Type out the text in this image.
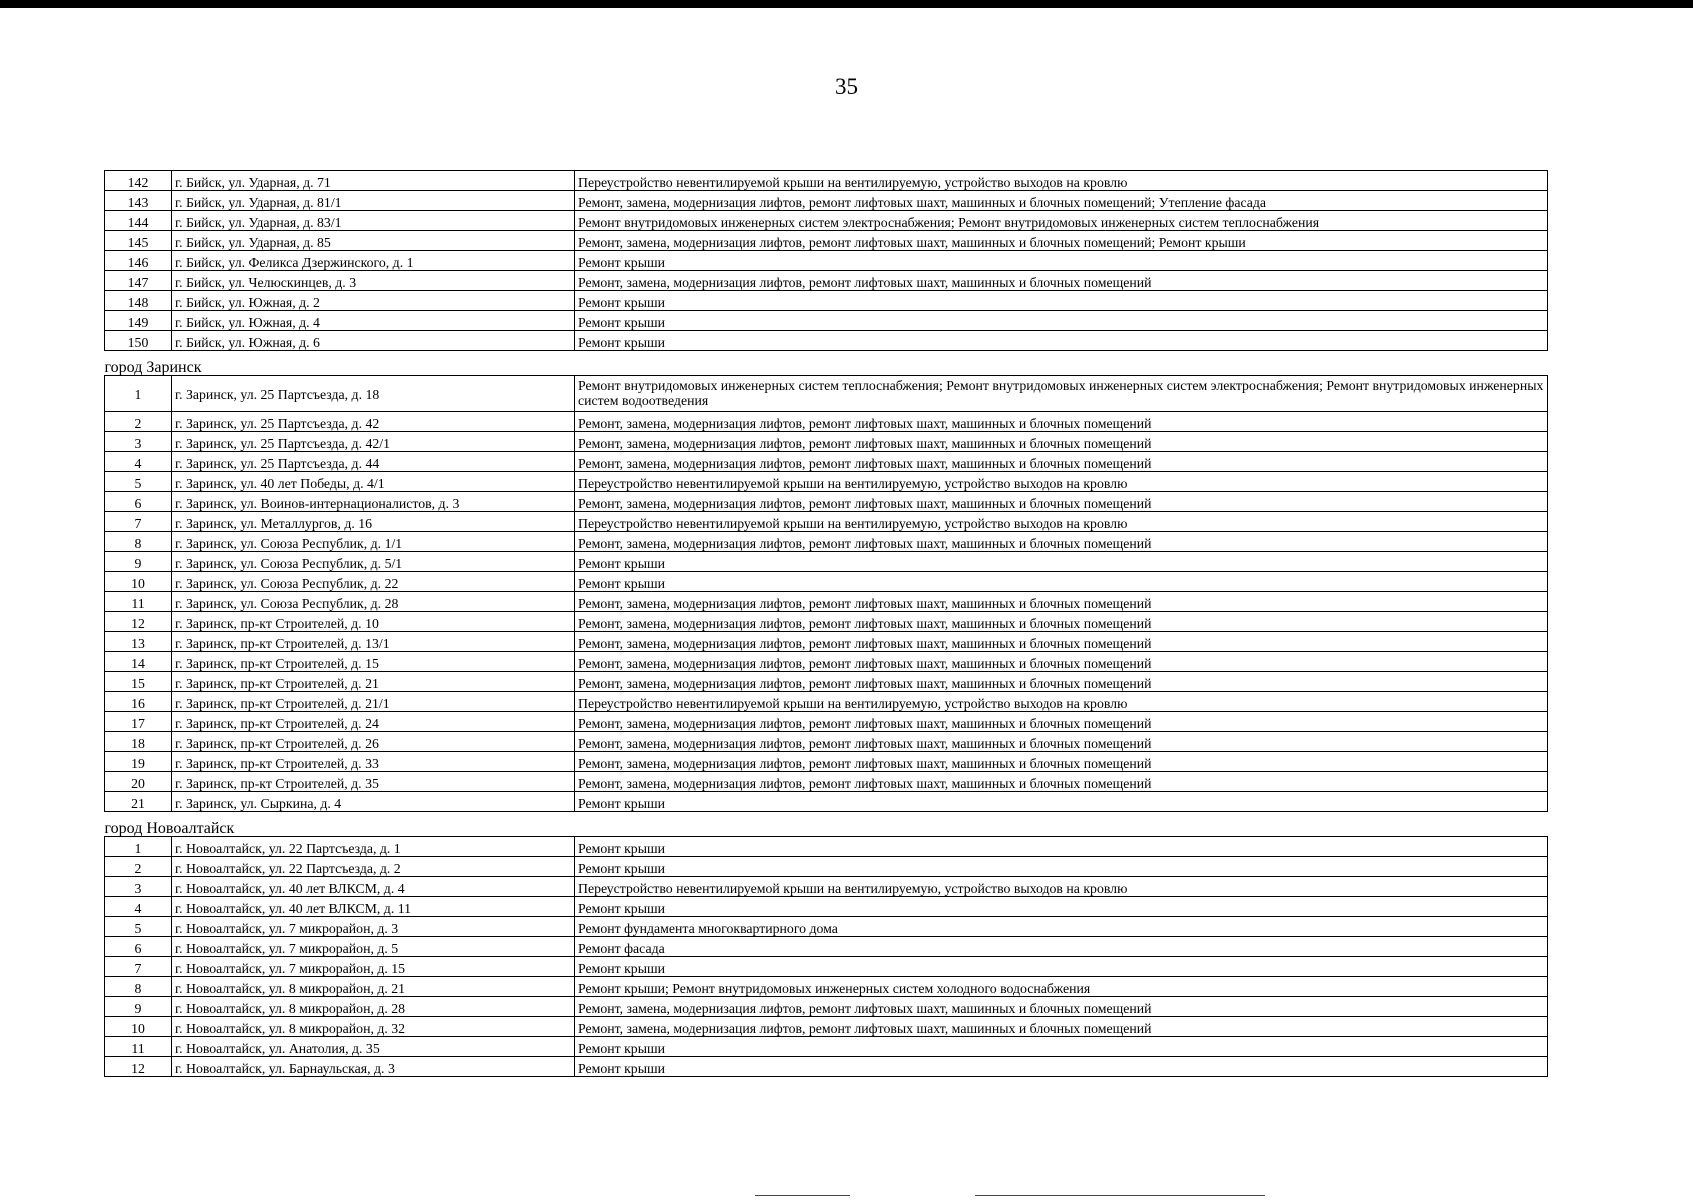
35
142	г. Бийск, ул. Ударная, д. 71	Переустройство невентилируемой крыши на вентилируемую, устройство выходов на кровлю
143	г. Бийск, ул. Ударная, д. 81/1	Ремонт, замена, модернизация лифтов, ремонт лифтовых шахт, машинных и блочных помещений; Утепление фасада
144	г. Бийск, ул. Ударная, д. 83/1	Ремонт внутридомовых инженерных систем электроснабжения; Ремонт внутридомовых инженерных систем теплоснабжения
145	г. Бийск, ул. Ударная, д. 85	Ремонт, замена, модернизация лифтов, ремонт лифтовых шахт, машинных и блочных помещений; Ремонт крыши
146	г. Бийск, ул. Феликса Дзержинского, д. 1	Ремонт крыши
147	г. Бийск, ул. Челюскинцев, д. 3	Ремонт, замена, модернизация лифтов, ремонт лифтовых шахт, машинных и блочных помещений
148	г. Бийск, ул. Южная, д. 2	Ремонт крыши
149	г. Бийск, ул. Южная, д. 4	Ремонт крыши
150	г. Бийск, ул. Южная, д. 6	Ремонт крыши
город Заринск		
1	г. Заринск, ул. 25 Партсъезда, д. 18	Ремонт внутридомовых инженерных систем теплоснабжения; Ремонт внутридомовых инженерных систем электроснабжения; Ремонт внутридомовых инженерных систем водоотведения
2	г. Заринск, ул. 25 Партсъезда, д. 42	Ремонт, замена, модернизация лифтов, ремонт лифтовых шахт, машинных и блочных помещений
3	г. Заринск, ул. 25 Партсъезда, д. 42/1	Ремонт, замена, модернизация лифтов, ремонт лифтовых шахт, машинных и блочных помещений
4	г. Заринск, ул. 25 Партсъезда, д. 44	Ремонт, замена, модернизация лифтов, ремонт лифтовых шахт, машинных и блочных помещений
5	г. Заринск, ул. 40 лет Победы, д. 4/1	Переустройство невентилируемой крыши на вентилируемую, устройство выходов на кровлю
6	г. Заринск, ул. Воинов-интернационалистов, д. 3	Ремонт, замена, модернизация лифтов, ремонт лифтовых шахт, машинных и блочных помещений
7	г. Заринск, ул. Металлургов, д. 16	Переустройство невентилируемой крыши на вентилируемую, устройство выходов на кровлю
8	г. Заринск, ул. Союза Республик, д. 1/1	Ремонт, замена, модернизация лифтов, ремонт лифтовых шахт, машинных и блочных помещений
9	г. Заринск, ул. Союза Республик, д. 5/1	Ремонт крыши
10	г. Заринск, ул. Союза Республик, д. 22	Ремонт крыши
11	г. Заринск, ул. Союза Республик, д. 28	Ремонт, замена, модернизация лифтов, ремонт лифтовых шахт, машинных и блочных помещений
12	г. Заринск, пр-кт Строителей, д. 10	Ремонт, замена, модернизация лифтов, ремонт лифтовых шахт, машинных и блочных помещений
13	г. Заринск, пр-кт Строителей, д. 13/1	Ремонт, замена, модернизация лифтов, ремонт лифтовых шахт, машинных и блочных помещений
14	г. Заринск, пр-кт Строителей, д. 15	Ремонт, замена, модернизация лифтов, ремонт лифтовых шахт, машинных и блочных помещений
15	г. Заринск, пр-кт Строителей, д. 21	Ремонт, замена, модернизация лифтов, ремонт лифтовых шахт, машинных и блочных помещений
16	г. Заринск, пр-кт Строителей, д. 21/1	Переустройство невентилируемой крыши на вентилируемую, устройство выходов на кровлю
17	г. Заринск, пр-кт Строителей, д. 24	Ремонт, замена, модернизация лифтов, ремонт лифтовых шахт, машинных и блочных помещений
18	г. Заринск, пр-кт Строителей, д. 26	Ремонт, замена, модернизация лифтов, ремонт лифтовых шахт, машинных и блочных помещений
19	г. Заринск, пр-кт Строителей, д. 33	Ремонт, замена, модернизация лифтов, ремонт лифтовых шахт, машинных и блочных помещений
20	г. Заринск, пр-кт Строителей, д. 35	Ремонт, замена, модернизация лифтов, ремонт лифтовых шахт, машинных и блочных помещений
21	г. Заринск, ул. Сыркина, д. 4	Ремонт крыши
город Новоалтайск		
1	г. Новоалтайск, ул. 22 Партсъезда, д. 1	Ремонт крыши
2	г. Новоалтайск, ул. 22 Партсъезда, д. 2	Ремонт крыши
3	г. Новоалтайск, ул. 40 лет ВЛКСМ, д. 4	Переустройство невентилируемой крыши на вентилируемую, устройство выходов на кровлю
4	г. Новоалтайск, ул. 40 лет ВЛКСМ, д. 11	Ремонт крыши
5	г. Новоалтайск, ул. 7 микрорайон, д. 3	Ремонт фундамента многоквартирного дома
6	г. Новоалтайск, ул. 7 микрорайон, д. 5	Ремонт фасада
7	г. Новоалтайск, ул. 7 микрорайон, д. 15	Ремонт крыши
8	г. Новоалтайск, ул. 8 микрорайон, д. 21	Ремонт крыши; Ремонт внутридомовых инженерных систем холодного водоснабжения
9	г. Новоалтайск, ул. 8 микрорайон, д. 28	Ремонт, замена, модернизация лифтов, ремонт лифтовых шахт, машинных и блочных помещений
10	г. Новоалтайск, ул. 8 микрорайон, д. 32	Ремонт, замена, модернизация лифтов, ремонт лифтовых шахт, машинных и блочных помещений
11	г. Новоалтайск, ул. Анатолия, д. 35	Ремонт крыши
12	г. Новоалтайск, ул. Барнаульская, д. 3	Ремонт крыши
